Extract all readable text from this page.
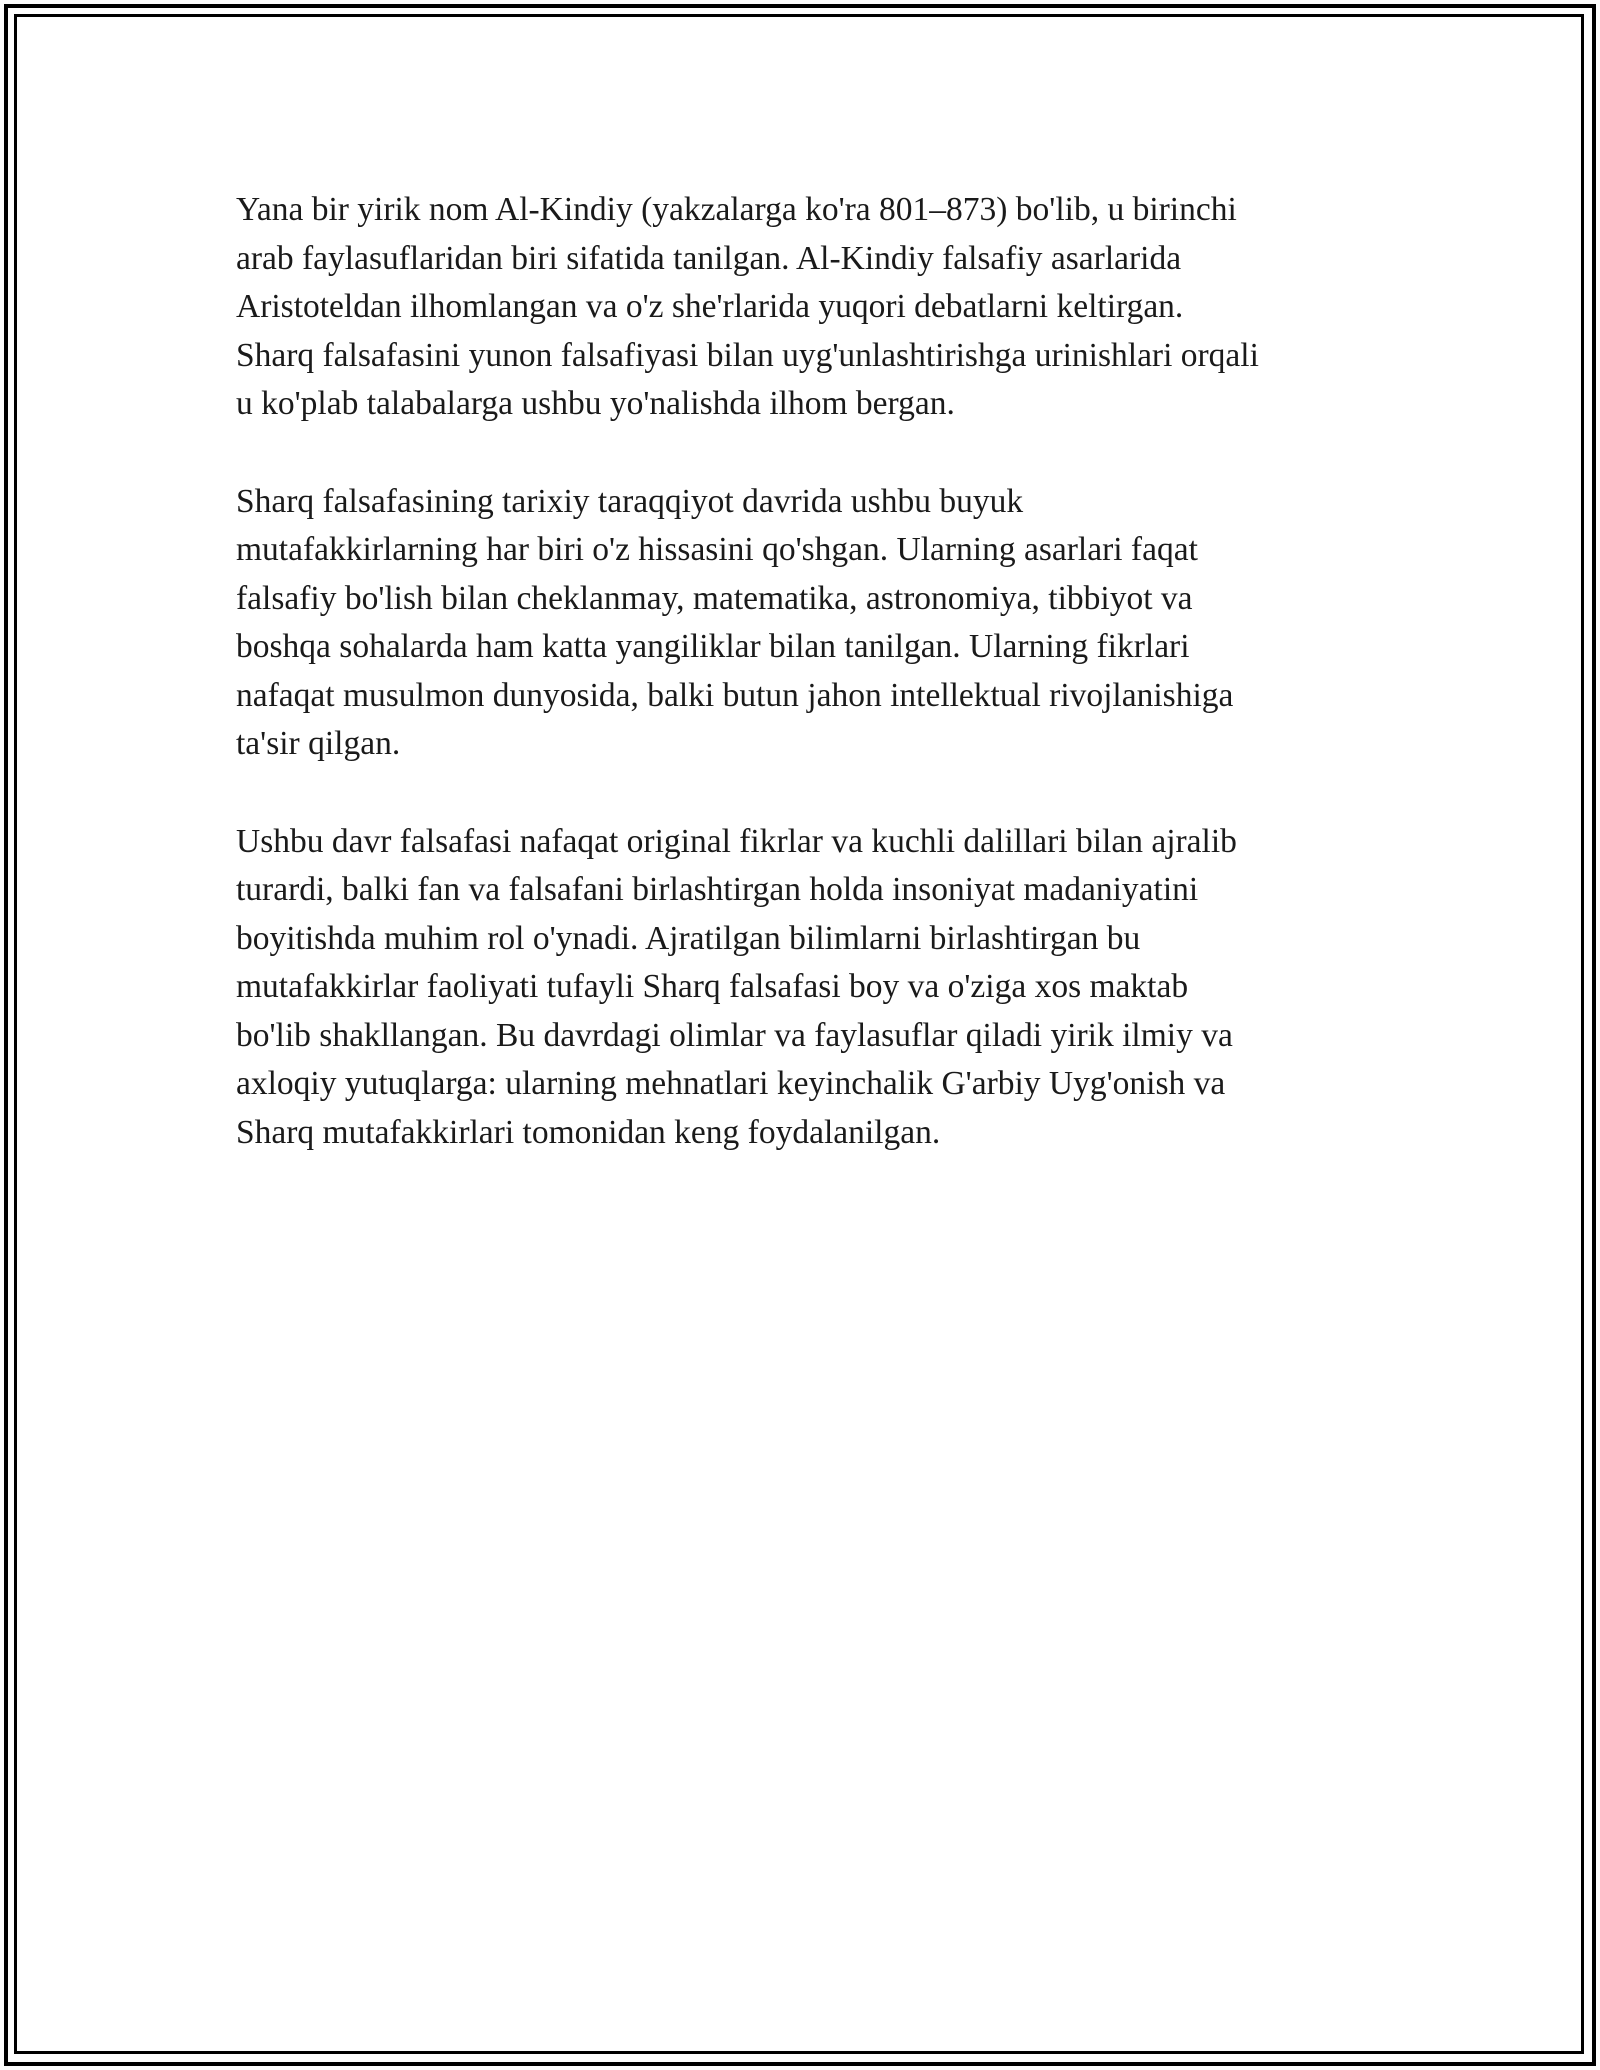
Yana bir yirik nom Al-Kindiy (yakzalarga ko'ra 801–873) bo'lib, u birinchi
arab faylasuflaridan biri sifatida tanilgan. Al-Kindiy falsafiy asarlarida
Aristoteldan ilhomlangan va o'z she'rlarida yuqori debatlarni keltirgan.
Sharq falsafasini yunon falsafiyasi bilan uyg'unlashtirishga urinishlari orqali
u ko'plab talabalarga ushbu yo'nalishda ilhom bergan.

Sharq falsafasining tarixiy taraqqiyot davrida ushbu buyuk
mutafakkirlarning har biri o'z hissasini qo'shgan. Ularning asarlari faqat
falsafiy bo'lish bilan cheklanmay, matematika, astronomiya, tibbiyot va
boshqa sohalarda ham katta yangiliklar bilan tanilgan. Ularning fikrlari
nafaqat musulmon dunyosida, balki butun jahon intellektual rivojlanishiga
ta'sir qilgan.

Ushbu davr falsafasi nafaqat original fikrlar va kuchli dalillari bilan ajralib
turardi, balki fan va falsafani birlashtirgan holda insoniyat madaniyatini
boyitishda muhim rol o'ynadi. Ajratilgan bilimlarni birlashtirgan bu
mutafakkirlar faoliyati tufayli Sharq falsafasi boy va o'ziga xos maktab
bo'lib shakllangan. Bu davrdagi olimlar va faylasuflar qiladi yirik ilmiy va
axloqiy yutuqlarga: ularning mehnatlari keyinchalik G'arbiy Uyg'onish va
Sharq mutafakkirlari tomonidan keng foydalanilgan.
